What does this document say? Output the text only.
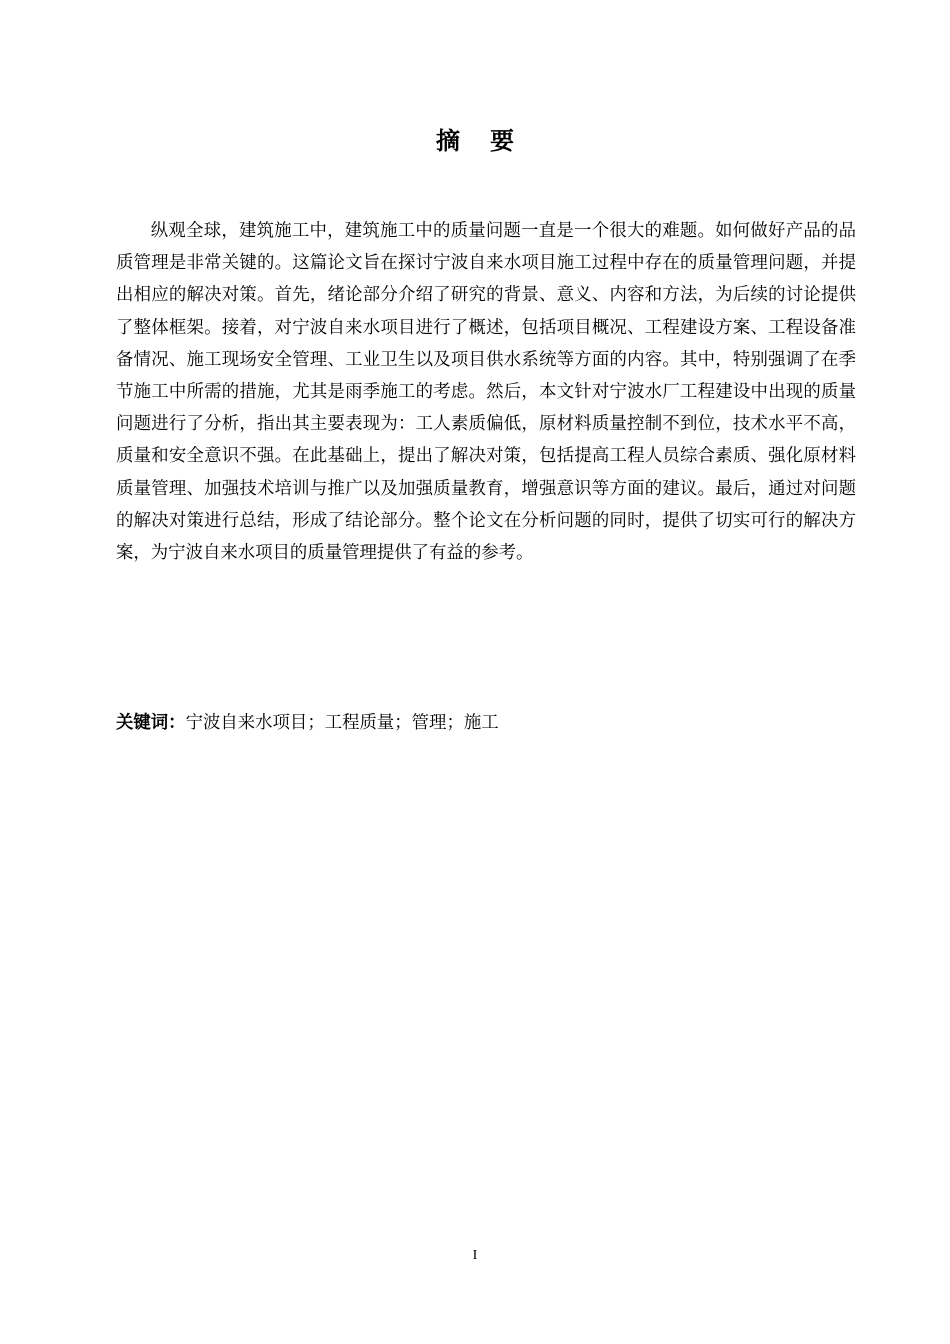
摘 要

纵观全球，建筑施工中，建筑施工中的质量问题一直是一个很大的难题。如何做好产品的品质管理是非常关键的。这篇论文旨在探讨宁波自来水项目施工过程中存在的质量管理问题，并提出相应的解决对策。首先，绪论部分介绍了研究的背景、意义、内容和方法，为后续的讨论提供了整体框架。接着，对宁波自来水项目进行了概述，包括项目概况、工程建设方案、工程设备准备情况、施工现场安全管理、工业卫生以及项目供水系统等方面的内容。其中，特别强调了在季节施工中所需的措施，尤其是雨季施工的考虑。然后，本文针对宁波水厂工程建设中出现的质量问题进行了分析，指出其主要表现为：工人素质偏低，原材料质量控制不到位，技术水平不高，质量和安全意识不强。在此基础上，提出了解决对策，包括提高工程人员综合素质、强化原材料质量管理、加强技术培训与推广以及加强质量教育，增强意识等方面的建议。最后，通过对问题的解决对策进行总结，形成了结论部分。整个论文在分析问题的同时，提供了切实可行的解决方案，为宁波自来水项目的质量管理提供了有益的参考。

关键词：宁波自来水项目；工程质量；管理；施工

I
